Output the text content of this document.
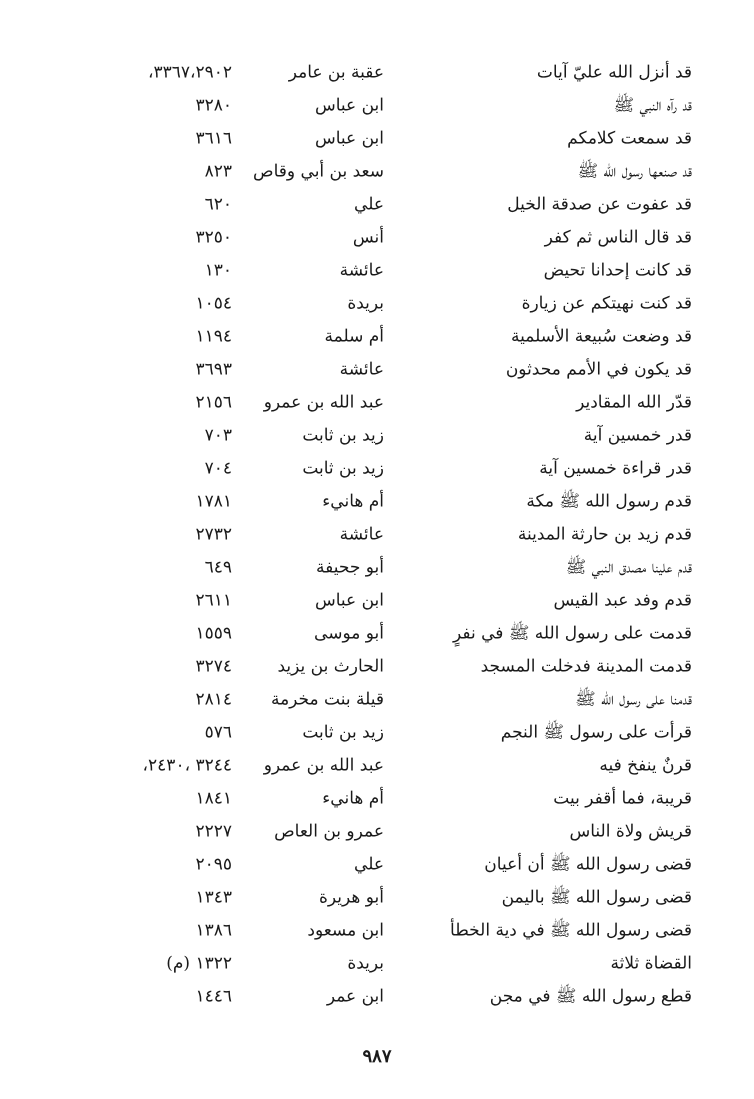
قد أنزل الله عليّ آيات
عقبة بن عامر
٣٣٦٧،٢٩٠٢،
قد رآه النبي ﷺ
ابن عباس
٣٢٨٠
قد سمعت كلامكم
ابن عباس
٣٦١٦
قد صنعها رسول الله ﷺ
سعد بن أبي وقاص
٨٢٣
قد عفوت عن صدقة الخيل
علي
٦٢٠
قد قال الناس ثم كفر
أنس
٣٢٥٠
قد كانت إحدانا تحيض
عائشة
١٣٠
قد كنت نهيتكم عن زيارة
بريدة
١٠٥٤
قد وضعت سُبيعة الأسلمية
أم سلمة
١١٩٤
قد يكون في الأمم محدثون
عائشة
٣٦٩٣
قدّر الله المقادير
عبد الله بن عمرو
٢١٥٦
قدر خمسين آية
زيد بن ثابت
٧٠٣
قدر قراءة خمسين آية
زيد بن ثابت
٧٠٤
قدم رسول الله ﷺ مكة
أم هانيء
١٧٨١
قدم زيد بن حارثة المدينة
عائشة
٢٧٣٢
قدم علينا مصدق النبي ﷺ
أبو جحيفة
٦٤٩
قدم وفد عبد القيس
ابن عباس
٢٦١١
قدمت على رسول الله ﷺ في نفرٍ
أبو موسى
١٥٥٩
قدمت المدينة فدخلت المسجد
الحارث بن يزيد
٣٢٧٤
قدمنا على رسول الله ﷺ
قيلة بنت مخرمة
٢٨١٤
قرأت على رسول ﷺ النجم
زيد بن ثابت
٥٧٦
قرنٌ ينفخ فيه
عبد الله بن عمرو
٣٢٤٤ ،٢٤٣٠،
قريبة، فما أقفر بيت
أم هانيء
١٨٤١
قريش ولاة الناس
عمرو بن العاص
٢٢٢٧
قضى رسول الله ﷺ أن أعيان
علي
٢٠٩٥
قضى رسول الله ﷺ باليمن
أبو هريرة
١٣٤٣
قضى رسول الله ﷺ في دية الخطأ
ابن مسعود
١٣٨٦
القضاة ثلاثة
بريدة
١٣٢٢ (م)
قطع رسول الله ﷺ في مجن
ابن عمر
١٤٤٦
٩٨٧
